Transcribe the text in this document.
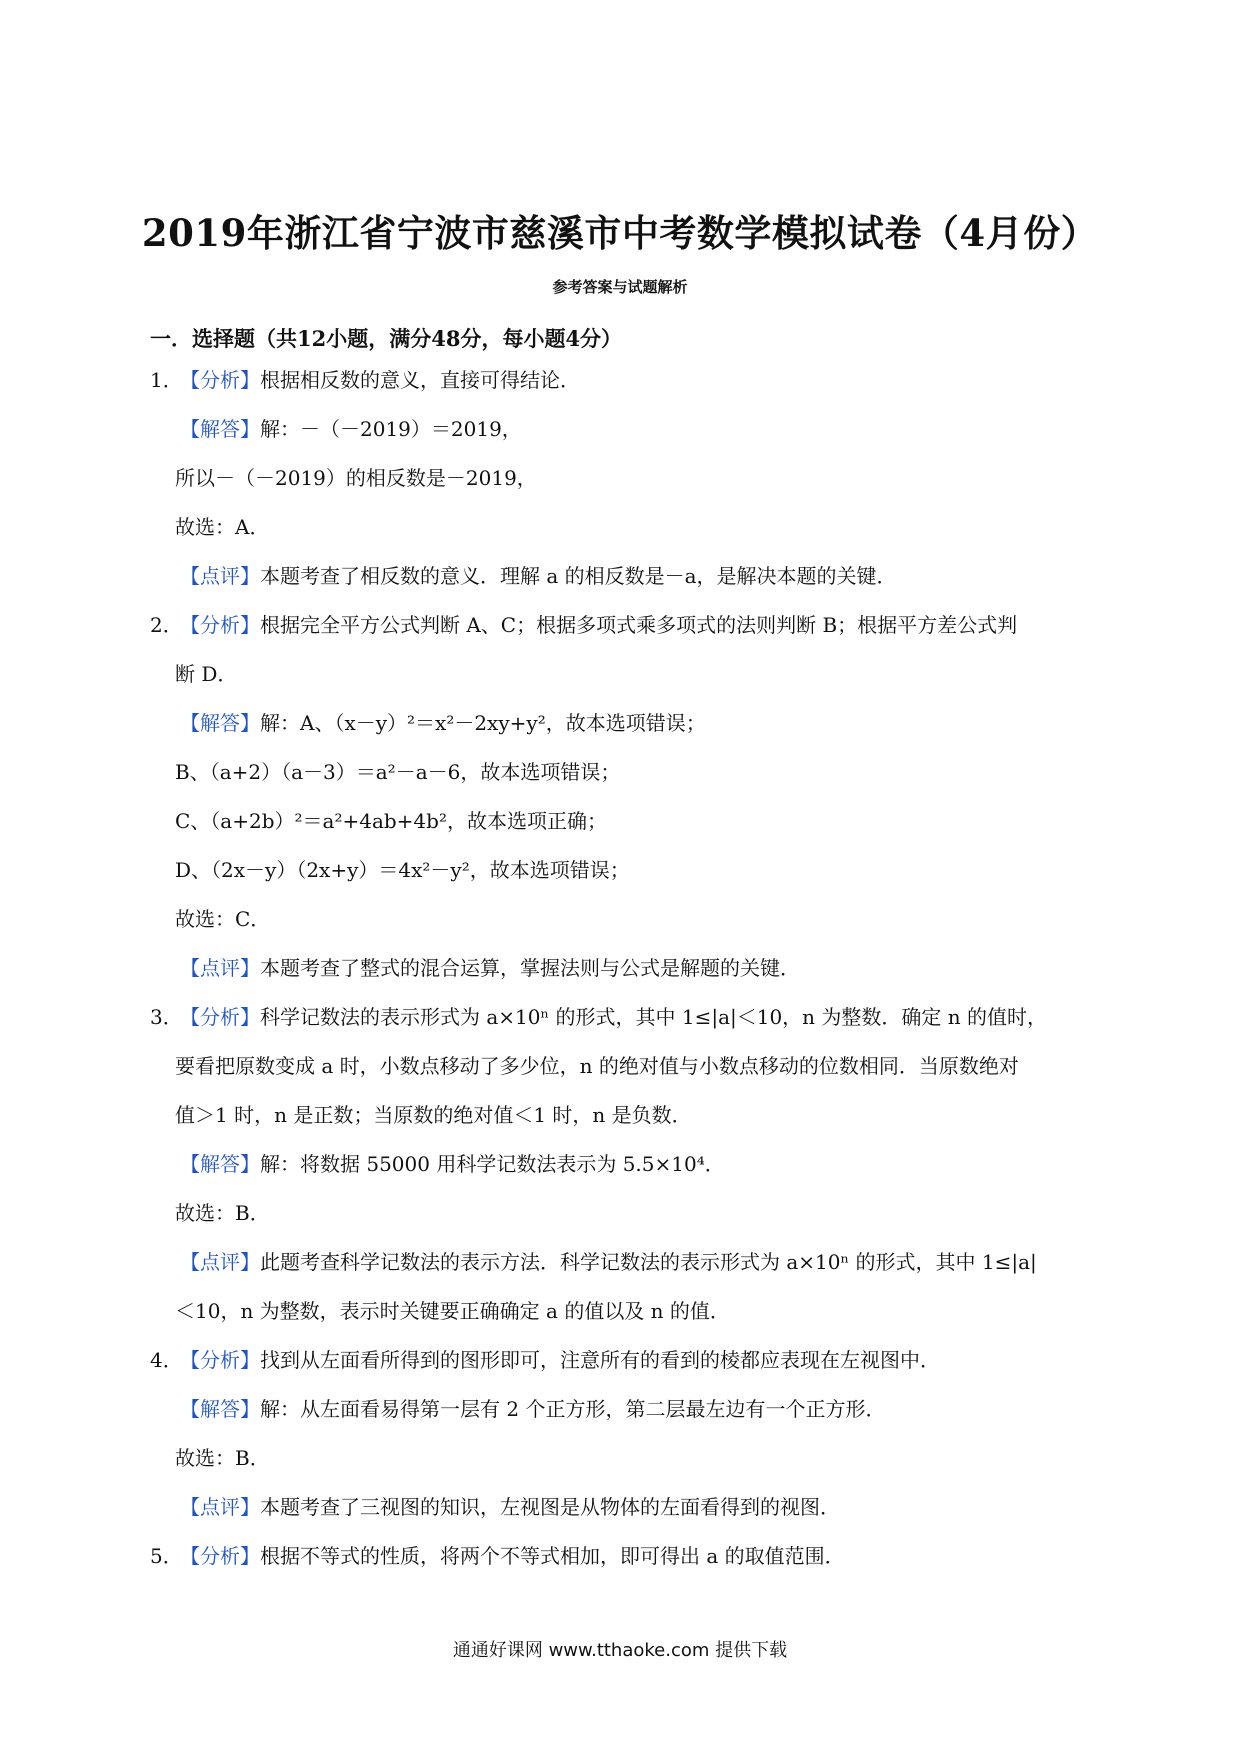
2019年浙江省宁波市慈溪市中考数学模拟试卷（4月份）
参考答案与试题解析
一．选择题（共12小题，满分48分，每小题4分）
1．
【分析】根据相反数的意义，直接可得结论．
【解答】解：－（－2019）＝2019，
所以－（－2019）的相反数是－2019，
故选：A．
【点评】本题考查了相反数的意义．理解 a 的相反数是－a，是解决本题的关键．
2．
【分析】根据完全平方公式判断 A、C；根据多项式乘多项式的法则判断 B；根据平方差公式判
断 D．
【解答】解：A、（x－y）²＝x²－2xy+y²，故本选项错误；
B、（a+2）（a－3）＝a²－a－6，故本选项错误；
C、（a+2b）²＝a²+4ab+4b²，故本选项正确；
D、（2x－y）（2x+y）＝4x²－y²，故本选项错误；
故选：C．
【点评】本题考查了整式的混合运算，掌握法则与公式是解题的关键．
3．
【分析】科学记数法的表示形式为 a×10ⁿ 的形式，其中 1≤|a|＜10，n 为整数．确定 n 的值时，
要看把原数变成 a 时，小数点移动了多少位，n 的绝对值与小数点移动的位数相同．当原数绝对
值＞1 时，n 是正数；当原数的绝对值＜1 时，n 是负数．
【解答】解：将数据 55000 用科学记数法表示为 5.5×10⁴．
故选：B．
【点评】此题考查科学记数法的表示方法．科学记数法的表示形式为 a×10ⁿ 的形式，其中 1≤|a|
＜10，n 为整数，表示时关键要正确确定 a 的值以及 n 的值．
4．
【分析】找到从左面看所得到的图形即可，注意所有的看到的棱都应表现在左视图中．
【解答】解：从左面看易得第一层有 2 个正方形，第二层最左边有一个正方形．
故选：B．
【点评】本题考查了三视图的知识，左视图是从物体的左面看得到的视图．
5．
【分析】根据不等式的性质，将两个不等式相加，即可得出 a 的取值范围．
通通好课网 www.tthaoke.com 提供下载
